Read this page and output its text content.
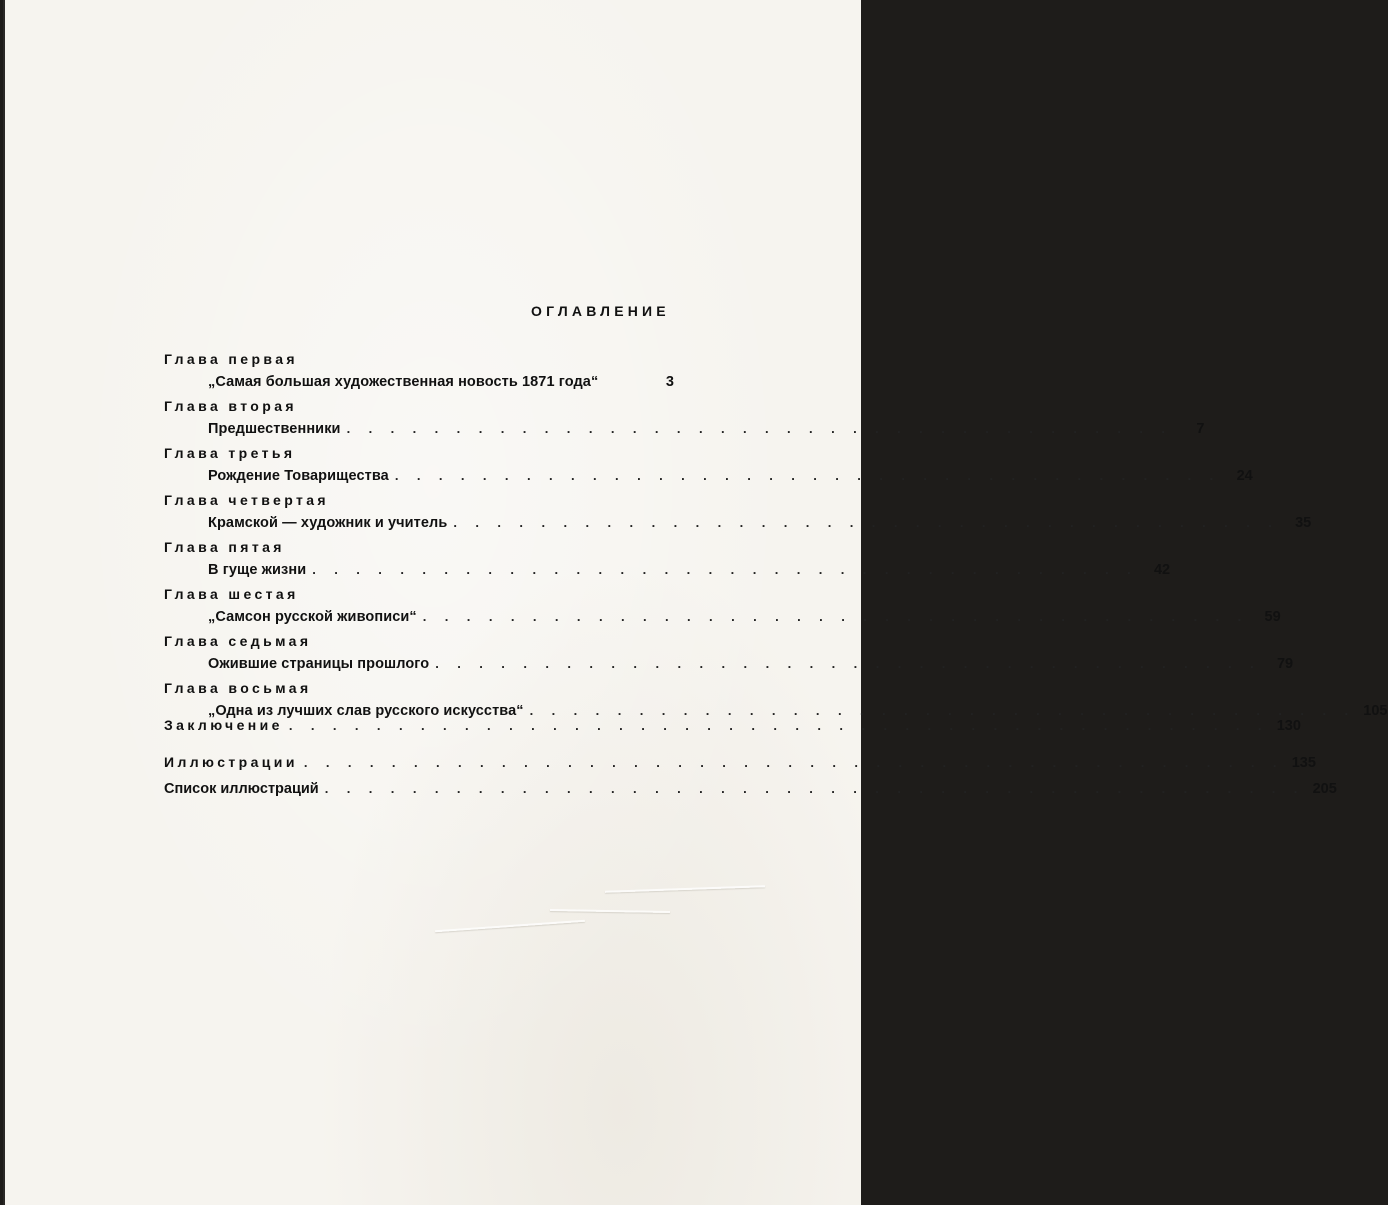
ОГЛАВЛЕНИЕ
Глава первая
„Самая большая художественная новость 1871 года“	3
Глава вторая
Предшественники . . . . . . . . . . . . . . . . . . . . . . . . . . . . . . . . . . . . . .	7
Глава третья
Рождение Товарищества . . . . . . . . . . . . . . . . . . . . . . . . . . . . . . . . . . . . . .	24
Глава четвертая
Крамской — художник и учитель . . . . . . . . . . . . . . . . . . . . . . . . . . . . . . . . . . . . . .	35
Глава пятая
В гуще жизни . . . . . . . . . . . . . . . . . . . . . . . . . . . . . . . . . . . . . .	42
Глава шестая
„Самсон русской живописи“ . . . . . . . . . . . . . . . . . . . . . . . . . . . . . . . . . . . . . .	59
Глава седьмая
Ожившие страницы прошлого . . . . . . . . . . . . . . . . . . . . . . . . . . . . . . . . . . . . . .	79
Глава восьмая
„Одна из лучших слав русского искусства“ . . . . . . . . . . . . . . . . . . . . . . . . . . . . . . . . . . . . . . 105
Заключение . . . . . . . . . . . . . . . . . . . . . . . . . . . . . . . . . . . . . . . . . . . . . 130
Иллюстрации . . . . . . . . . . . . . . . . . . . . . . . . . . . . . . . . . . . . . . . . . . . . . 135
Список иллюстраций . . . . . . . . . . . . . . . . . . . . . . . . . . . . . . . . . . . . . . . . . . . . . 205
